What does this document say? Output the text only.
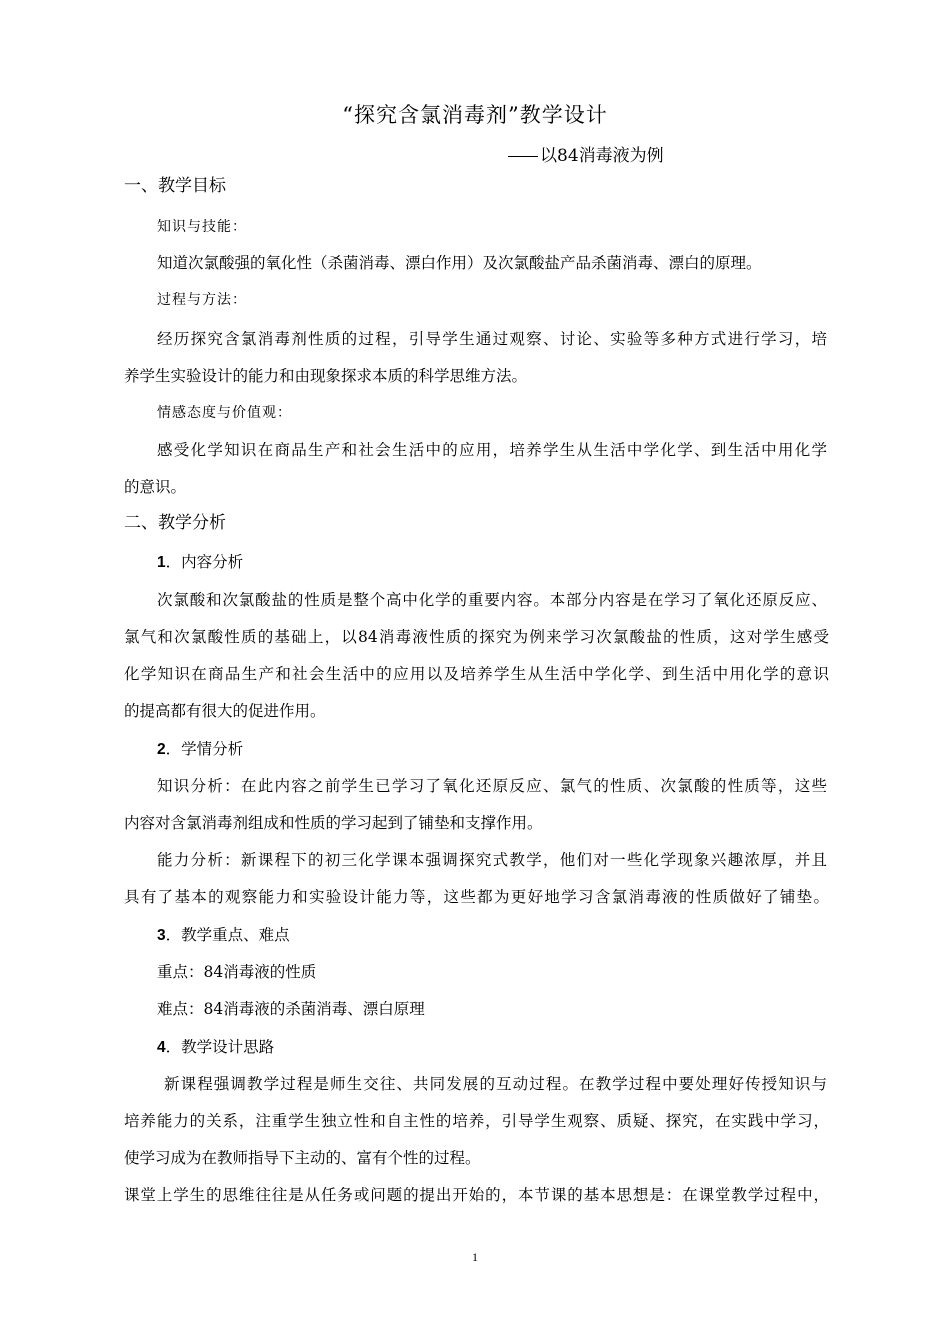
“探究含氯消毒剂”教学设计
以84消毒液为例
一、教学目标
知识与技能：
知道次氯酸强的氧化性（杀菌消毒、漂白作用）及次氯酸盐产品杀菌消毒、漂白的原理。
过程与方法：
经历探究含氯消毒剂性质的过程，引导学生通过观察、讨论、实验等多种方式进行学习，培
养学生实验设计的能力和由现象探求本质的科学思维方法。
情感态度与价值观：
感受化学知识在商品生产和社会生活中的应用，培养学生从生活中学化学、到生活中用化学
的意识。
二、教学分析
1．内容分析
次氯酸和次氯酸盐的性质是整个高中化学的重要内容。本部分内容是在学习了氧化还原反应、
氯气和次氯酸性质的基础上，以84消毒液性质的探究为例来学习次氯酸盐的性质，这对学生感受
化学知识在商品生产和社会生活中的应用以及培养学生从生活中学化学、到生活中用化学的意识
的提高都有很大的促进作用。
2．学情分析
知识分析：在此内容之前学生已学习了氧化还原反应、氯气的性质、次氯酸的性质等，这些
内容对含氯消毒剂组成和性质的学习起到了铺垫和支撑作用。
能力分析：新课程下的初三化学课本强调探究式教学，他们对一些化学现象兴趣浓厚，并且
具有了基本的观察能力和实验设计能力等，这些都为更好地学习含氯消毒液的性质做好了铺垫。
3．教学重点、难点
重点：84消毒液的性质
难点：84消毒液的杀菌消毒、漂白原理
4．教学设计思路
新课程强调教学过程是师生交往、共同发展的互动过程。在教学过程中要处理好传授知识与
培养能力的关系，注重学生独立性和自主性的培养，引导学生观察、质疑、探究，在实践中学习，
使学习成为在教师指导下主动的、富有个性的过程。
课堂上学生的思维往往是从任务或问题的提出开始的，本节课的基本思想是：在课堂教学过程中，
1
